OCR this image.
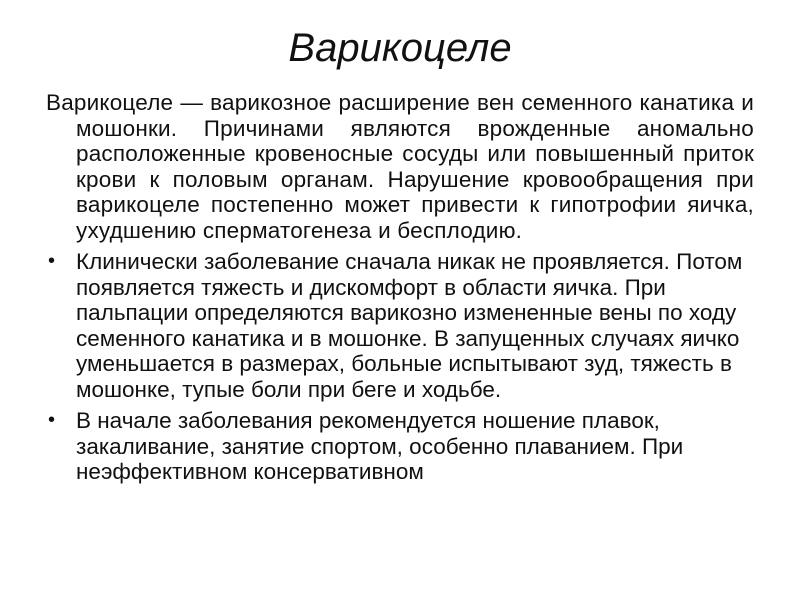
Варикоцеле

Варикоцеле — варикозное расширение вен семенного канатика и мошонки. Причинами являются врожденные аномально расположенные кровеносные сосуды или повышенный приток крови к половым органам. Нарушение кровообращения при варикоцеле постепенно может привести к гипотрофии яичка, ухудшению сперматогенеза и бесплодию.

• Клинически заболевание сначала никак не проявляется. Потом появляется тяжесть и дискомфорт в области яичка. При пальпации определяются варикозно измененные вены по ходу семенного канатика и в мошонке. В запущенных случаях яичко уменьшается в размерах, больные испытывают зуд, тяжесть в мошонке, тупые боли при беге и ходьбе.
• В начале заболевания рекомендуется ношение плавок, закаливание, занятие спортом, особенно плаванием. При неэффективном консервативном
